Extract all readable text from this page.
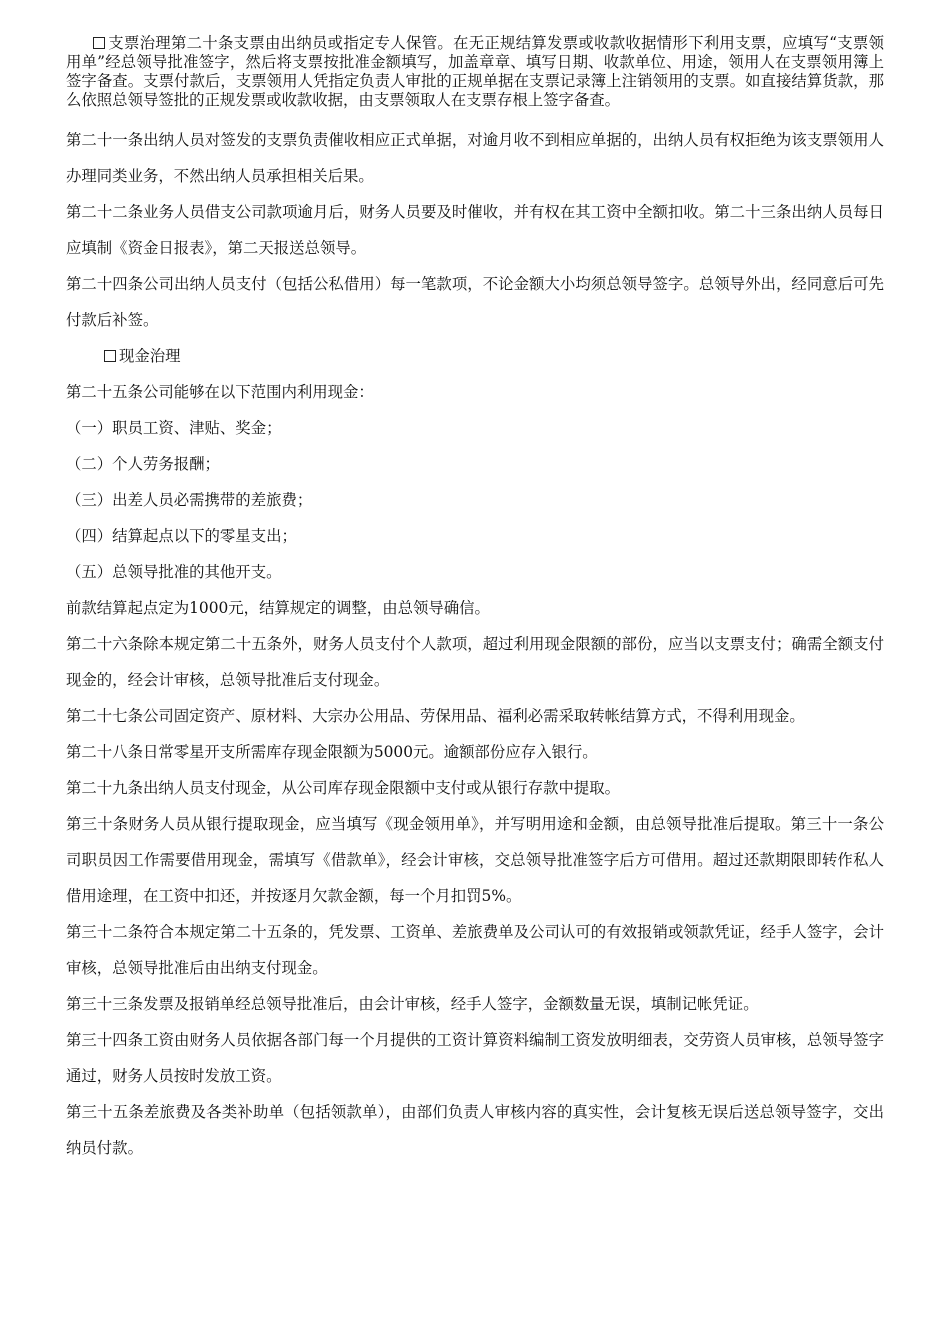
支票治理第二十条支票由出纳员或指定专人保管。在无正规结算发票或收款收据情形下利用支票，应填写“支票领用单”经总领导批准签字，然后将支票按批准金额填写，加盖章章、填写日期、收款单位、用途，领用人在支票领用簿上签字备查。支票付款后，支票领用人凭指定负责人审批的正规单据在支票记录簿上注销领用的支票。如直接结算货款，那么依照总领导签批的正规发票或收款收据，由支票领取人在支票存根上签字备查。

第二十一条出纳人员对签发的支票负责催收相应正式单据，对逾月收不到相应单据的，出纳人员有权拒绝为该支票领用人办理同类业务，不然出纳人员承担相关后果。

第二十二条业务人员借支公司款项逾月后，财务人员要及时催收，并有权在其工资中全额扣收。第二十三条出纳人员每日应填制《资金日报表》，第二天报送总领导。

第二十四条公司出纳人员支付（包括公私借用）每一笔款项，不论金额大小均须总领导签字。总领导外出，经同意后可先付款后补签。

现金治理

第二十五条公司能够在以下范围内利用现金：

（一）职员工资、津贴、奖金；

（二）个人劳务报酬；

（三）出差人员必需携带的差旅费；

（四）结算起点以下的零星支出；

（五）总领导批准的其他开支。

前款结算起点定为1000元，结算规定的调整，由总领导确信。

第二十六条除本规定第二十五条外，财务人员支付个人款项，超过利用现金限额的部份，应当以支票支付；确需全额支付现金的，经会计审核，总领导批准后支付现金。

第二十七条公司固定资产、原材料、大宗办公用品、劳保用品、福利必需采取转帐结算方式，不得利用现金。

第二十八条日常零星开支所需库存现金限额为5000元。逾额部份应存入银行。

第二十九条出纳人员支付现金，从公司库存现金限额中支付或从银行存款中提取。

第三十条财务人员从银行提取现金，应当填写《现金领用单》，并写明用途和金额，由总领导批准后提取。第三十一条公司职员因工作需要借用现金，需填写《借款单》，经会计审核，交总领导批准签字后方可借用。超过还款期限即转作私人借用途理，在工资中扣还，并按逐月欠款金额，每一个月扣罚5%。

第三十二条符合本规定第二十五条的，凭发票、工资单、差旅费单及公司认可的有效报销或领款凭证，经手人签字，会计审核，总领导批准后由出纳支付现金。

第三十三条发票及报销单经总领导批准后，由会计审核，经手人签字，金额数量无误，填制记帐凭证。

第三十四条工资由财务人员依据各部门每一个月提供的工资计算资料编制工资发放明细表，交劳资人员审核，总领导签字通过，财务人员按时发放工资。

第三十五条差旅费及各类补助单（包括领款单），由部们负责人审核内容的真实性，会计复核无误后送总领导签字，交出纳员付款。
